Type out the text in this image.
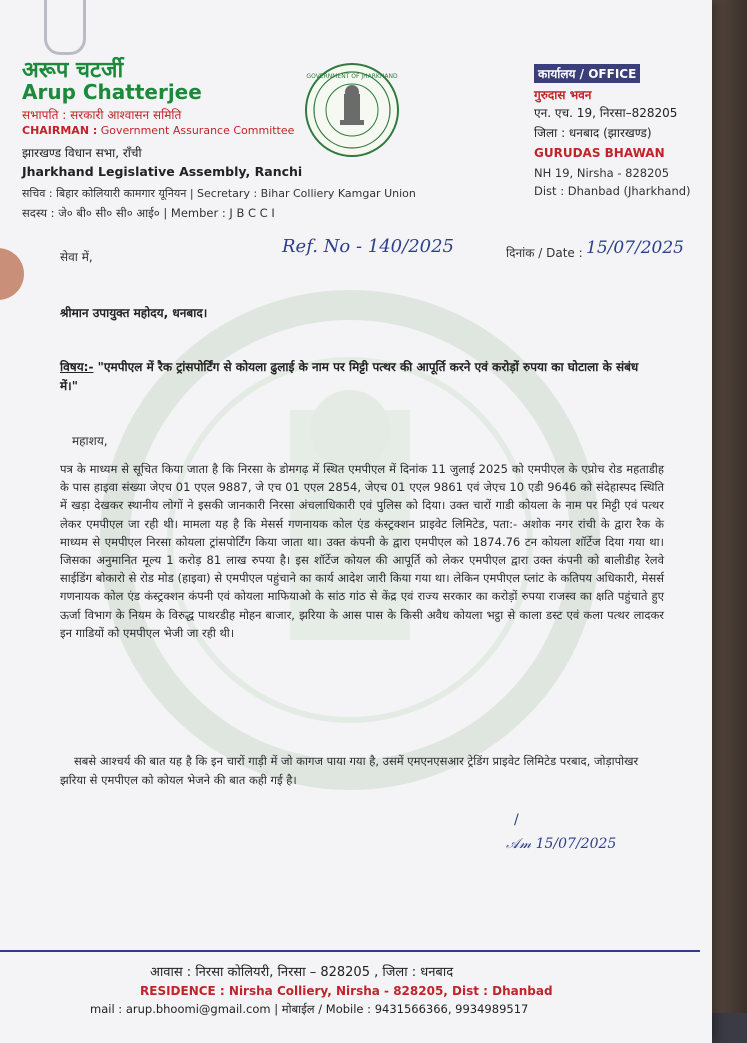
अरूप चटर्जी
Arup Chatterjee
सभापति : सरकारी आश्वासन समिति
CHAIRMAN : Government Assurance Committee
झारखण्ड विधान सभा, राँची
Jharkhand Legislative Assembly, Ranchi
सचिव : बिहार कोलियारी कामगार यूनियन | Secretary : Bihar Colliery Kamgar Union
सदस्य : जे० बी० सी० सी० आई० | Member : J B C C I
GOVERNMENT OF JHARKHAND	कार्यालय / OFFICE
गुरुदास भवन
एन. एच. 19, निरसा–828205
जिला : धनबाद (झारखण्ड)
GURUDAS BHAWAN
NH 19, Nirsha - 828205
Dist : Dhanbad (Jharkhand)
सेवा में,	Ref. No - 140/2025	दिनांक / Date : 15/07/2025
श्रीमान उपायुक्त महोदय, धनबाद।
विषय:- "एमपीएल में रैक ट्रांसपोर्टिंग से कोयला ढुलाई के नाम पर मिट्टी पत्थर की आपूर्ति करने एवं करोड़ों रुपया का घोटाला के संबंध में।"
महाशय,
पत्र के माध्यम से सूचित किया जाता है कि निरसा के डोमगढ़ में स्थित एमपीएल में दिनांक 11 जुलाई 2025 को एमपीएल के एप्रोच रोड महताडीह के पास हाइवा संख्या जेएच 01 एएल 9887, जे एच 01 एएल 2854, जेएच 01 एएल 9861 एवं जेएच 10 एडी 9646 को संदेहास्पद स्थिति में खड़ा देखकर स्थानीय लोगों ने इसकी जानकारी निरसा अंचलाधिकारी एवं पुलिस को दिया। उक्त चारों गाडी कोयला के नाम पर मिट्टी एवं पत्थर लेकर एमपीएल जा रही थी। मामला यह है कि मेसर्स गणनायक कोल एंड कंस्ट्रक्शन प्राइवेट लिमिटेड, पता:- अशोक नगर रांची के द्वारा रैक के माध्यम से एमपीएल निरसा कोयला ट्रांसपोर्टिंग किया जाता था। उक्त कंपनी के द्वारा एमपीएल को 1874.76 टन कोयला शॉर्टेज दिया गया था। जिसका अनुमानित मूल्य 1 करोड़ 81 लाख रुपया है। इस शॉर्टेज कोयल की आपूर्ति को लेकर एमपीएल द्वारा उक्त कंपनी को बालीडीह रेलवे साईडिंग बोकारो से रोड मोड (हाइवा) से एमपीएल पहुंचाने का कार्य आदेश जारी किया गया था। लेकिन एमपीएल प्लांट के कतिपय अधिकारी, मेसर्स गणनायक कोल एंड कंस्ट्रक्शन कंपनी एवं कोयला माफियाओ के सांठ गांठ से केंद्र एवं राज्य सरकार का करोड़ों रुपया राजस्व का क्षति पहुंचाते हुए ऊर्जा विभाग के नियम के विरुद्ध पाथरडीह मोहन बाजार, झरिया के आस पास के किसी अवैध कोयला भट्ठा से काला डस्ट एवं कला पत्थर लादकर इन गाडियों को एमपीएल भेजी जा रही थी।
सबसे आश्चर्य की बात यह है कि इन चारों गाड़ी में जो कागज पाया गया है, उसमें एमएनएसआर ट्रेडिंग प्राइवेट लिमिटेड परबाद, जोड़ापोखर झरिया से एमपीएल को कोयल भेजने की बात कही गई है।
/
𝒜𝓂 15/07/2025
आवास : निरसा कोलियरी, निरसा – 828205 , जिला : धनबाद
RESIDENCE : Nirsha Colliery, Nirsha - 828205, Dist : Dhanbad
mail : arup.bhoomi@gmail.com | मोबाईल / Mobile : 9431566366, 9934989517
